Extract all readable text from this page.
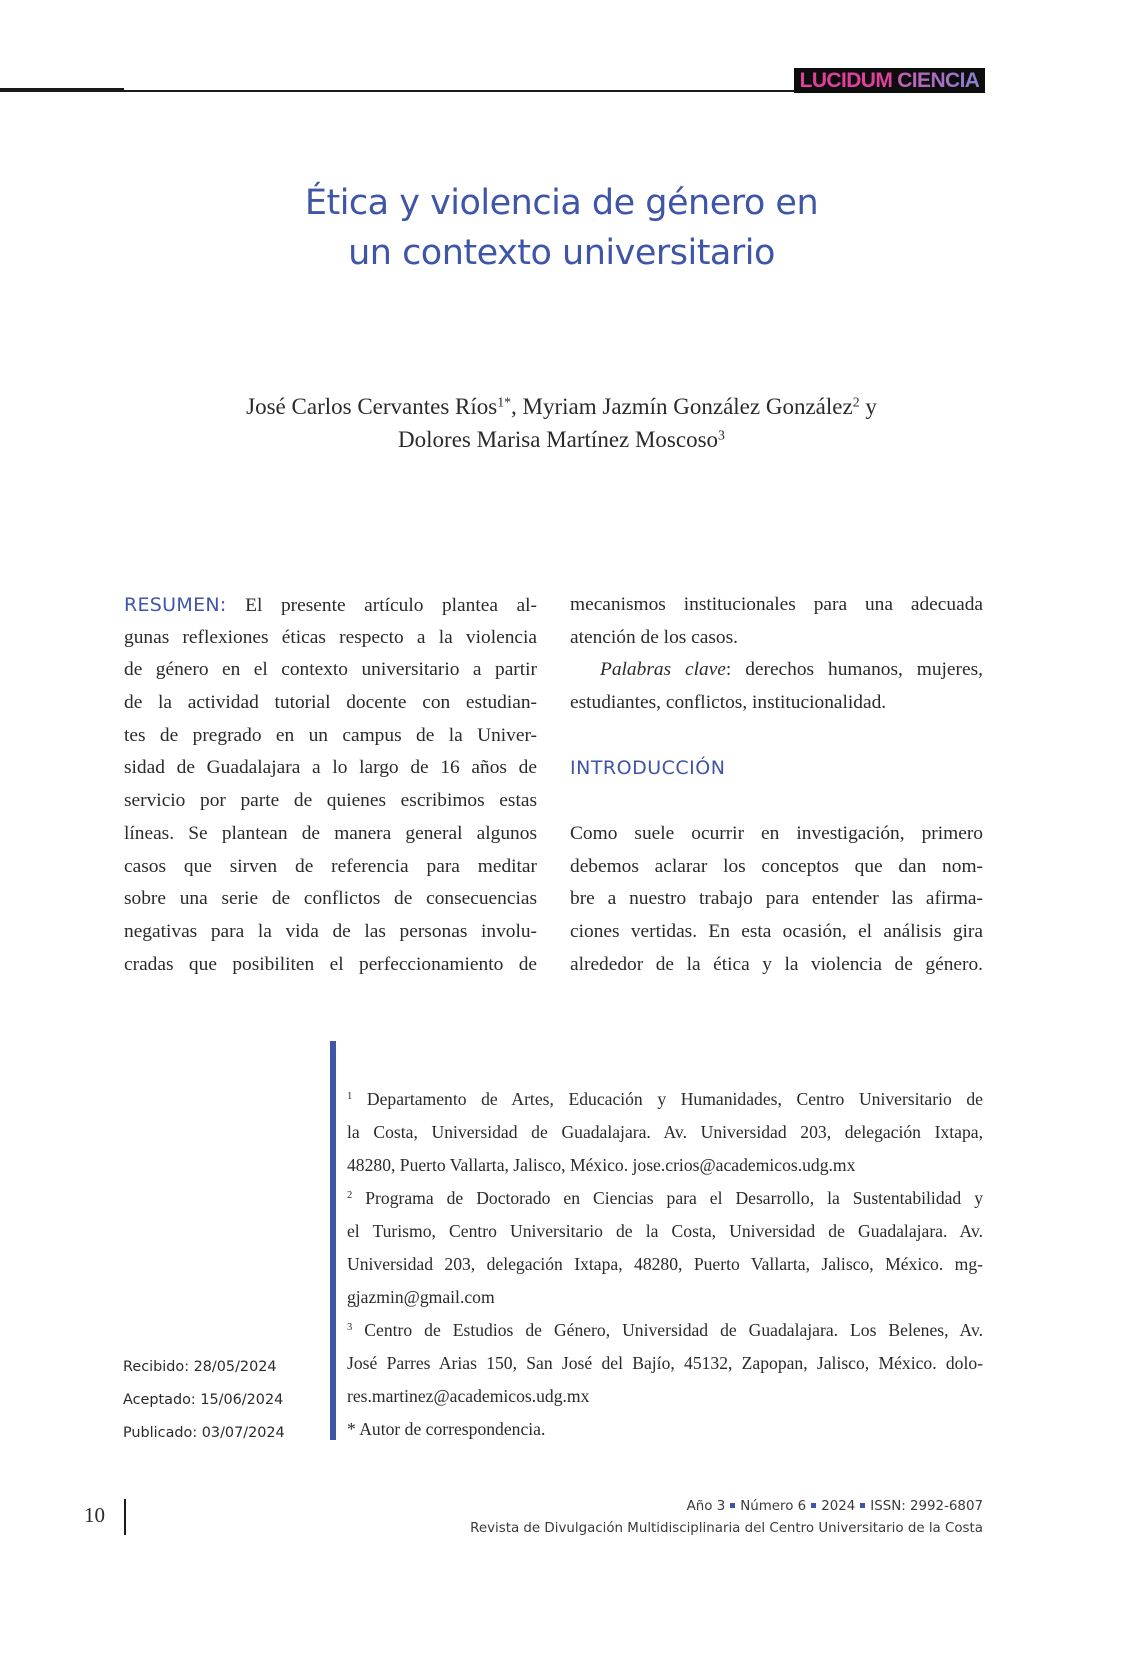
LUCIDUM CIENCIA
Ética y violencia de género en
un contexto universitario
José Carlos Cervantes Ríos$^{1*}$, Myriam Jazmín González González$^2$ y
Dolores Marisa Martínez Moscoso$^3$
RESUMEN: El presente artículo plantea al-
gunas reflexiones éticas respecto a la violencia
de género en el contexto universitario a partir
de la actividad tutorial docente con estudian-
tes de pregrado en un campus de la Univer-
sidad de Guadalajara a lo largo de 16 años de
servicio por parte de quienes escribimos estas
líneas. Se plantean de manera general algunos
casos que sirven de referencia para meditar
sobre una serie de conflictos de consecuencias
negativas para la vida de las personas involu-
cradas que posibiliten el perfeccionamiento de
mecanismos institucionales para una adecuada
atención de los casos.
Palabras clave: derechos humanos, mujeres,
estudiantes, conflictos, institucionalidad.
INTRODUCCIÓN
Como suele ocurrir en investigación, primero
debemos aclarar los conceptos que dan nom-
bre a nuestro trabajo para entender las afirma-
ciones vertidas. En esta ocasión, el análisis gira
alrededor de la ética y la violencia de género.
$^1$ Departamento de Artes, Educación y Humanidades, Centro Universitario de
la Costa, Universidad de Guadalajara. Av. Universidad 203, delegación Ixtapa,
48280, Puerto Vallarta, Jalisco, México. jose.crios@academicos.udg.mx
$^2$ Programa de Doctorado en Ciencias para el Desarrollo, la Sustentabilidad y
el Turismo, Centro Universitario de la Costa, Universidad de Guadalajara. Av.
Universidad 203, delegación Ixtapa, 48280, Puerto Vallarta, Jalisco, México. mg-
gjazmin@gmail.com
$^3$ Centro de Estudios de Género, Universidad de Guadalajara. Los Belenes, Av.
José Parres Arias 150, San José del Bajío, 45132, Zapopan, Jalisco, México. dolo-
res.martinez@academicos.udg.mx
* Autor de correspondencia.
Recibido: 28/05/2024
Aceptado: 15/06/2024
Publicado: 03/07/2024
10	Año 3 Número 6 2024 ISSN: 2992-6807
Revista de Divulgación Multidisciplinaria del Centro Universitario de la Costa
